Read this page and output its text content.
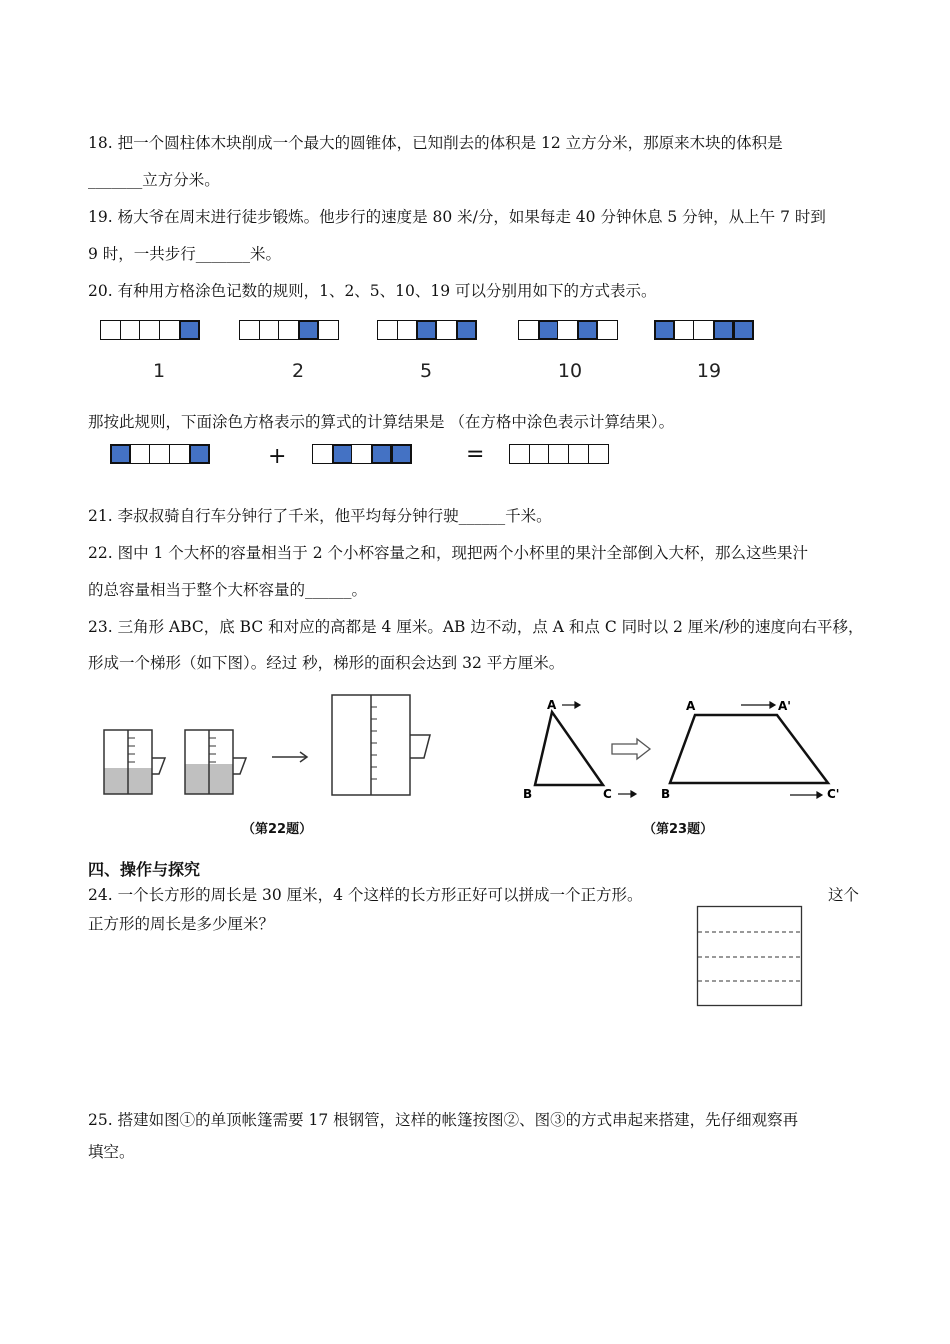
18. 把一个圆柱体木块削成一个最大的圆锥体，已知削去的体积是 12 立方分米，那原来木块的体积是
_______立方分米。
19. 杨大爷在周末进行徒步锻炼。他步行的速度是 80 米/分，如果每走 40 分钟休息 5 分钟，从上午 7 时到
9 时，一共步行_______米。
20. 有种用方格涂色记数的规则，1、2、5、10、19 可以分别用如下的方式表示。
1	2	5	10	19
那按此规则，下面涂色方格表示的算式的计算结果是 （在方格中涂色表示计算结果）。
+	=
21. 李叔叔骑自行车分钟行了千米，他平均每分钟行驶______千米。
22. 图中 1 个大杯的容量相当于 2 个小杯容量之和，现把两个小杯里的果汁全部倒入大杯，那么这些果汁
的总容量相当于整个大杯容量的______。
23. 三角形 ABC，底 BC 和对应的高都是 4 厘米。AB 边不动，点 A 和点 C 同时以 2 厘米/秒的速度向右平移，
形成一个梯形（如下图）。经过 秒，梯形的面积会达到 32 平方厘米。
（第22题）
A
B	C
A	A'
B	C'
（第23题）
四、操作与探究
24. 一个长方形的周长是 30 厘米，4 个这样的长方形正好可以拼成一个正方形。	这个
正方形的周长是多少厘米？
25. 搭建如图①的单顶帐篷需要 17 根钢管，这样的帐篷按图②、图③的方式串起来搭建，先仔细观察再
填空。
